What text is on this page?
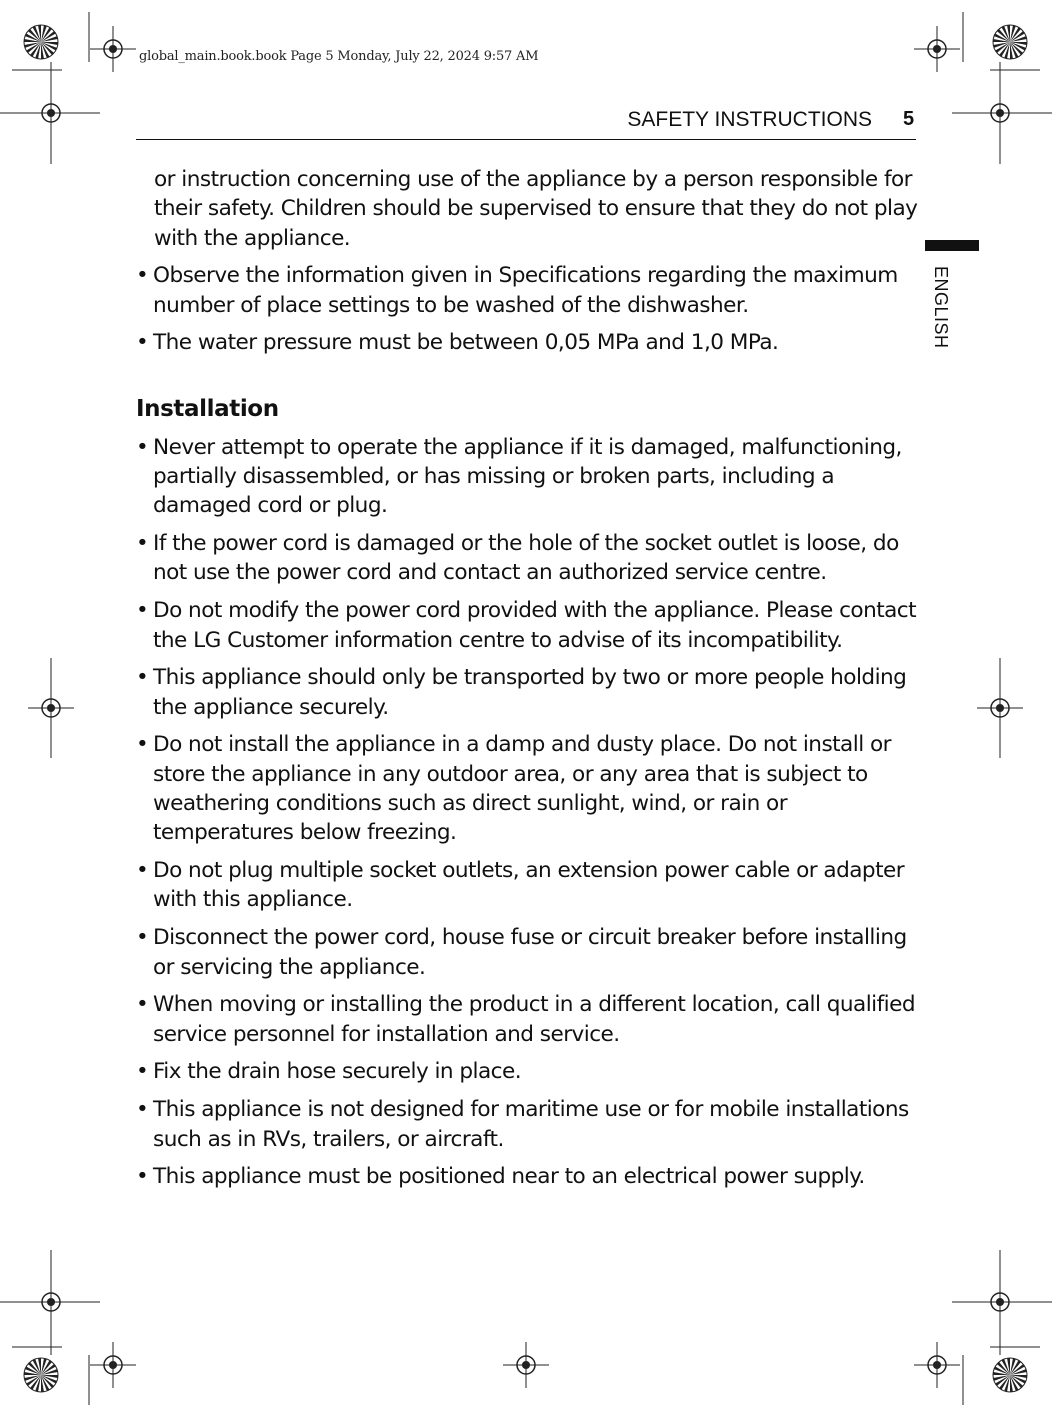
global_main.book.book Page 5 Monday, July 22, 2024 9:57 AM
SAFETY INSTRUCTIONS 5
ENGLISH
or instruction concerning use of the appliance by a person responsible for their safety. Children should be supervised to ensure that they do not play with the appliance.
• Observe the information given in Specifications regarding the maximum number of place settings to be washed of the dishwasher.
• The water pressure must be between 0,05 MPa and 1,0 MPa.
Installation
• Never attempt to operate the appliance if it is damaged, malfunctioning, partially disassembled, or has missing or broken parts, including a damaged cord or plug.
• If the power cord is damaged or the hole of the socket outlet is loose, do not use the power cord and contact an authorized service centre.
• Do not modify the power cord provided with the appliance. Please contact the LG Customer information centre to advise of its incompatibility.
• This appliance should only be transported by two or more people holding the appliance securely.
• Do not install the appliance in a damp and dusty place. Do not install or store the appliance in any outdoor area, or any area that is subject to weathering conditions such as direct sunlight, wind, or rain or temperatures below freezing.
• Do not plug multiple socket outlets, an extension power cable or adapter with this appliance.
• Disconnect the power cord, house fuse or circuit breaker before installing or servicing the appliance.
• When moving or installing the product in a different location, call qualified service personnel for installation and service.
• Fix the drain hose securely in place.
• This appliance is not designed for maritime use or for mobile installations such as in RVs, trailers, or aircraft.
• This appliance must be positioned near to an electrical power supply.
